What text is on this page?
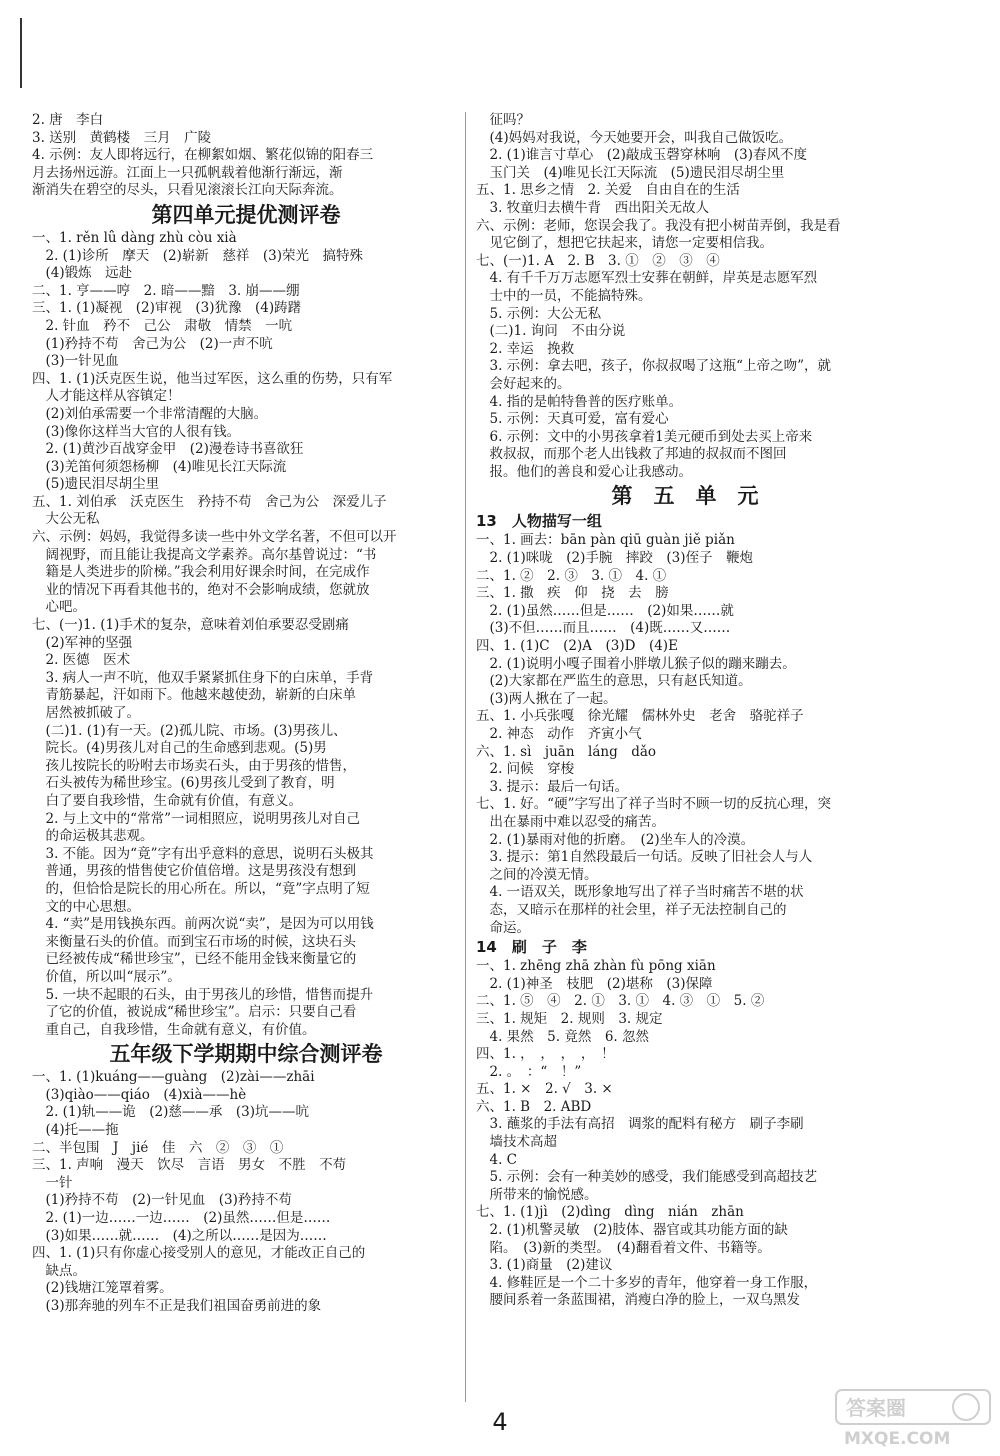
2. 唐　李白
3. 送别　黄鹤楼　三月　广陵
4. 示例：友人即将远行，在柳絮如烟、繁花似锦的阳春三
月去扬州远游。江面上一只孤帆载着他渐行渐远，渐
渐消失在碧空的尽头，只看见滚滚长江向天际奔流。
第四单元提优测评卷
一、1. rěn lǚ dàng zhù còu xià
　2. (1)诊所　摩天　(2)崭新　慈祥　(3)荣光　搞特殊
　(4)锻炼　远赴
二、1. 亨——哼　2. 暗——黯　3. 崩——绷
三、1. (1)凝视　(2)审视　(3)犹豫　(4)踌躇
　2. 针血　矜不　己公　肃敬　情禁　一吭
　(1)矜持不苟　舍己为公　(2)一声不吭
　(3)一针见血
四、1. (1)沃克医生说，他当过军医，这么重的伤势，只有军
　人才能这样从容镇定！
　(2)刘伯承需要一个非常清醒的大脑。
　(3)像你这样当大官的人很有钱。
　2. (1)黄沙百战穿金甲　(2)漫卷诗书喜欲狂
　(3)羌笛何须怨杨柳　(4)唯见长江天际流
　(5)遗民泪尽胡尘里
五、1. 刘伯承　沃克医生　矜持不苟　舍己为公　深爱儿子
　大公无私
六、示例：妈妈，我觉得多读一些中外文学名著，不但可以开
　阔视野，而且能让我提高文学素养。高尔基曾说过：“书
　籍是人类进步的阶梯。”我会利用好课余时间，在完成作
　业的情况下再看其他书的，绝对不会影响成绩，您就放
　心吧。
七、(一)1. (1)手术的复杂，意味着刘伯承要忍受剧痛
　(2)军神的坚强
　2. 医德　医术
　3. 病人一声不吭，他双手紧紧抓住身下的白床单，手背
　青筋暴起，汗如雨下。他越来越使劲，崭新的白床单
　居然被抓破了。
　(二)1. (1)有一天。(2)孤儿院、市场。(3)男孩儿、
　院长。(4)男孩儿对自己的生命感到悲观。(5)男
　孩儿按院长的吩咐去市场卖石头，由于男孩的惜售，
　石头被传为稀世珍宝。(6)男孩儿受到了教育，明
　白了要自我珍惜，生命就有价值，有意义。
　2. 与上文中的“常常”一词相照应，说明男孩儿对自己
　的命运极其悲观。
　3. 不能。因为“竟”字有出乎意料的意思，说明石头极其
　普通，男孩的惜售使它价值倍增。这是男孩没有想到
　的，但恰恰是院长的用心所在。所以，“竟”字点明了短
　文的中心思想。
　4. “卖”是用钱换东西。前两次说“卖”，是因为可以用钱
　来衡量石头的价值。而到宝石市场的时候，这块石头
　已经被传成“稀世珍宝”，已经不能用金钱来衡量它的
　价值，所以叫“展示”。
　5. 一块不起眼的石头，由于男孩儿的珍惜，惜售而提升
　了它的价值，被说成“稀世珍宝”。启示：只要自己看
　重自己，自我珍惜，生命就有意义，有价值。
五年级下学期期中综合测评卷
一、1. (1)kuáng——guàng　(2)zài——zhāi
　(3)qiào——qiáo　(4)xià——hè
　2. (1)轨——诡　(2)慈——承　(3)坑——吭
　(4)托——拖
二、半包围　J　jié　佳　六　②　③　①
三、1. 声响　漫天　饮尽　言语　男女　不胜　不苟
　一针
　(1)矜持不苟　(2)一针见血　(3)矜持不苟
　2. (1)一边……一边……　(2)虽然……但是……
　(3)如果……就……　(4)之所以……是因为……
四、1. (1)只有你虚心接受别人的意见，才能改正自己的
　缺点。
　(2)钱塘江笼罩着雾。
　(3)那奔驰的列车不正是我们祖国奋勇前进的象
　征吗？
　(4)妈妈对我说，今天她要开会，叫我自己做饭吃。
　2. (1)谁言寸草心　(2)敲成玉磬穿林响　(3)春风不度
　玉门关　(4)唯见长江天际流　(5)遗民泪尽胡尘里
五、1. 思乡之情　2. 关爱　自由自在的生活
　3. 牧童归去横牛背　西出阳关无故人
六、示例：老师，您误会我了。我没有把小树苗弄倒，我是看
　见它倒了，想把它扶起来，请您一定要相信我。
七、(一)1. A　2. B　3. ①　②　③　④
　4. 有千千万万志愿军烈士安葬在朝鲜，岸英是志愿军烈
　士中的一员，不能搞特殊。
　5. 示例：大公无私
　(二)1. 询问　不由分说
　2. 幸运　挽救
　3. 示例：拿去吧，孩子，你叔叔喝了这瓶“上帝之吻”，就
　会好起来的。
　4. 指的是帕特鲁普的医疗账单。
　5. 示例：天真可爱，富有爱心
　6. 示例：文中的小男孩拿着1美元硬币到处去买上帝来
　救叔叔，而那个老人出钱救了邦迪的叔叔而不图回
　报。他们的善良和爱心让我感动。
第　五　单　元
13　人物描写一组
一、1. 画去：bān pàn qiū guàn jiě piǎn
　2. (1)咪咙　(2)手腕　摔跤　(3)侄子　鞭炮
二、1. ②　2. ③　3. ①　4. ①
三、1. 撒　疾　仰　挠　去　膀
　2. (1)虽然……但是……　(2)如果……就
　(3)不但……而且……　(4)既……又……
四、1. (1)C　(2)A　(3)D　(4)E
　2. (1)说明小嘎子围着小胖墩儿猴子似的蹦来蹦去。
　(2)大家都在严监生的意思，只有赵氏知道。
　(3)两人揪在了一起。
五、1. 小兵张嘎　徐光耀　儒林外史　老舍　骆驼祥子
　2. 神态　动作　齐寅小气
六、1. sì　juān　láng　dǎo
　2. 问候　穿梭
　3. 提示：最后一句话。
七、1. 好。“硬”字写出了祥子当时不顾一切的反抗心理，突
　出在暴雨中难以忍受的痛苦。
　2. (1)暴雨对他的折磨。　(2)坐车人的冷漠。
　3. 提示：第1自然段最后一句话。反映了旧社会人与人
　之间的冷漠无情。
　4. 一语双关，既形象地写出了祥子当时痛苦不堪的状
　态，又暗示在那样的社会里，祥子无法控制自己的
　命运。
14　刷　子　李
一、1. zhēng zhā zhàn fù pōng xiān
　2. (1)神圣　枝肥　(2)堪称　(3)保障
二、1. ⑤　④　2. ①　3. ①　4. ③　①　5. ②
三、1. 规矩　2. 规则　3. 规定
　4. 果然　5. 竟然　6. 忽然
四、1. ，　，　，　，　！
　2. 。　：“　！”
五、1. ×　2. √　3. ×
六、1. B　2. ABD
　3. 蘸浆的手法有高招　调浆的配料有秘方　刷子李刷
　墙技术高超
　4. C
　5. 示例：会有一种美妙的感受，我们能感受到高超技艺
　所带来的愉悦感。
七、1. (1)jì　(2)dìng　dìng　nián　zhān
　2. (1)机警灵敏　(2)肢体、器官或其功能方面的缺
　陷。　(3)新的类型。　(4)翻看着文件、书籍等。
　3. (1)商量　(2)建议
　4. 修鞋匠是一个二十多岁的青年，他穿着一身工作服，
　腰间系着一条蓝围裙，消瘦白净的脸上，一双乌黑发
4	答案圈
MXQE.COM
